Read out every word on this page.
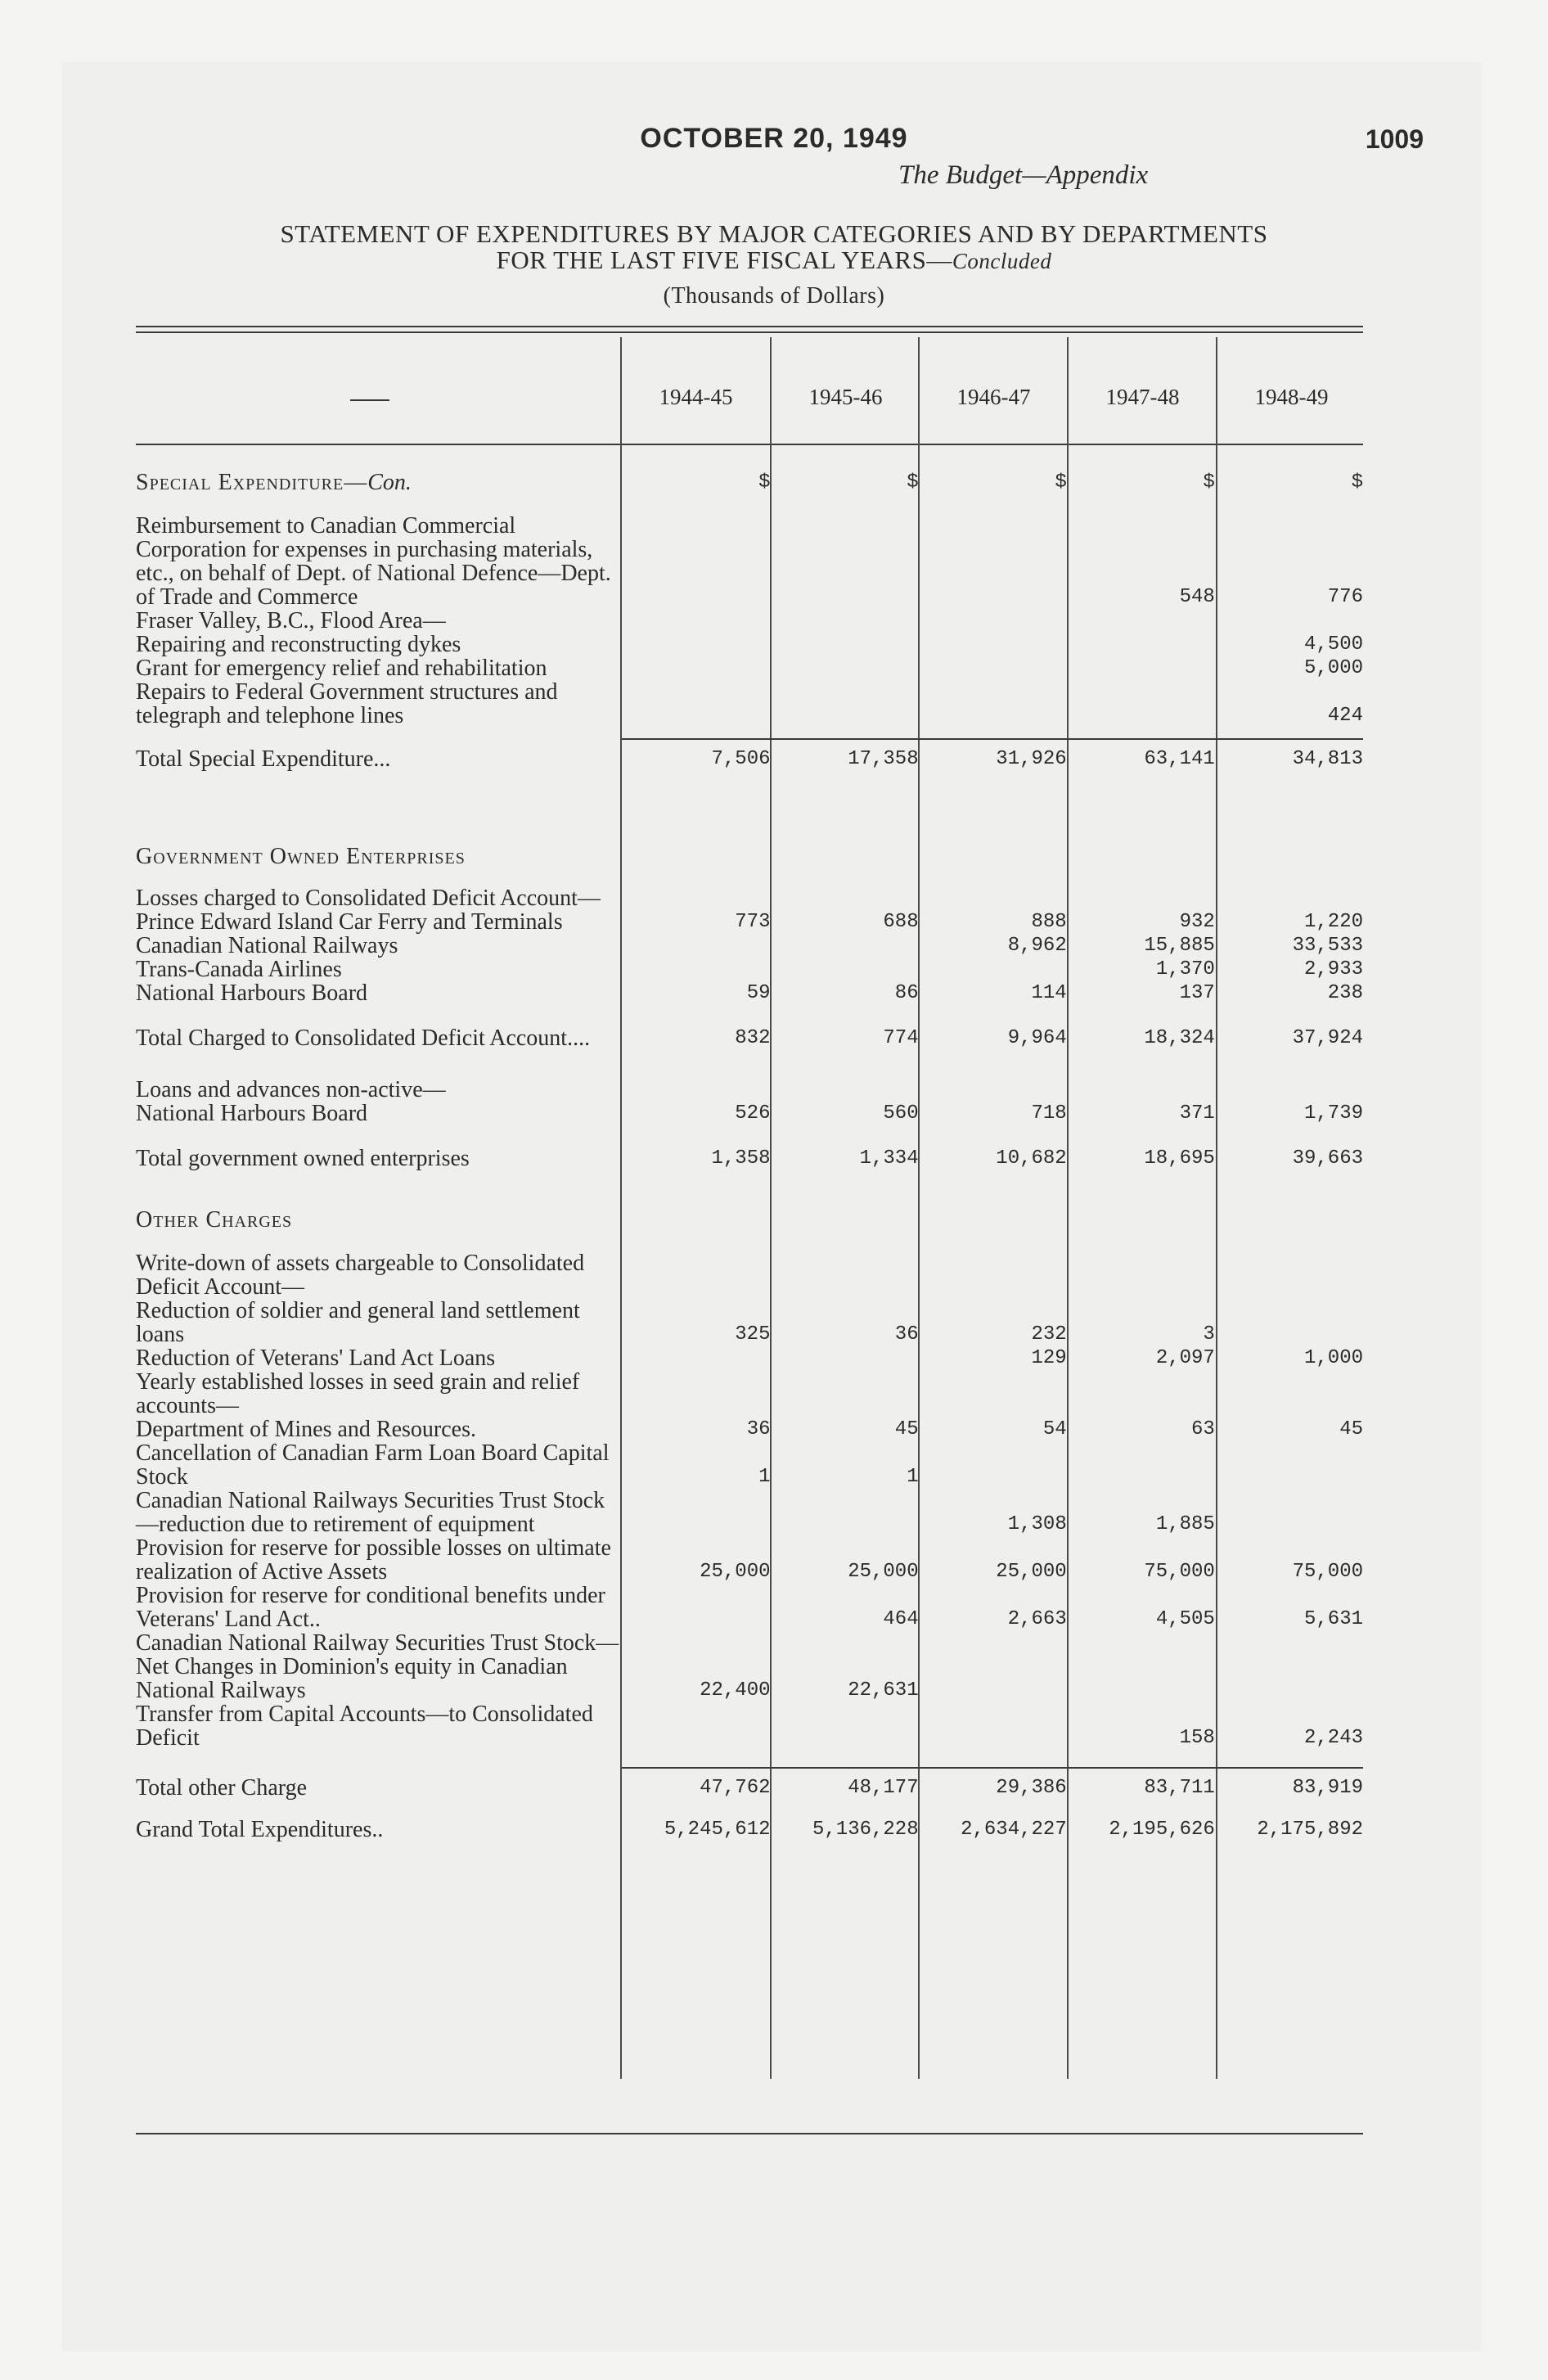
OCTOBER 20, 1949	1009
The Budget—Appendix
STATEMENT OF EXPENDITURES BY MAJOR CATEGORIES AND BY DEPARTMENTS
FOR THE LAST FIVE FISCAL YEARS—Concluded
(Thousands of Dollars)
1944-45	1945-46	1946-47	1947-48	1948-49
Special Expenditure—Con.	$	$	$	$	$

Reimbursement to Canadian Commercial Corporation for expenses in purchasing materials, etc., on behalf of Dept. of National Defence—Dept. of Trade and Commerce				548	776
Fraser Valley, B.C., Flood Area—					
Repairing and reconstructing dykes					4,500
Grant for emergency relief and rehabilitation					5,000
Repairs to Federal Government structures and telegraph and telephone lines					424

Total Special Expenditure...	7,506	17,358	31,926	63,141	34,813

Government Owned Enterprises					

Losses charged to Consolidated Deficit Account—					
Prince Edward Island Car Ferry and Terminals	773	688	888	932	1,220
Canadian National Railways			8,962	15,885	33,533
Trans-Canada Airlines				1,370	2,933
National Harbours Board	59	86	114	137	238

Total Charged to Consolidated Deficit Account....	832	774	9,964	18,324	37,924

Loans and advances non-active—					
National Harbours Board	526	560	718	371	1,739

Total government owned enterprises	1,358	1,334	10,682	18,695	39,663

Other Charges					

Write-down of assets chargeable to Consolidated Deficit Account—					
Reduction of soldier and general land settlement loans	325	36	232	3	
Reduction of Veterans' Land Act Loans			129	2,097	1,000
Yearly established losses in seed grain and relief accounts—					
Department of Mines and Resources.	36	45	54	63	45
Cancellation of Canadian Farm Loan Board Capital Stock	1	1			
Canadian National Railways Securities Trust Stock—reduction due to retirement of equipment			1,308	1,885	
Provision for reserve for possible losses on ultimate realization of Active Assets	25,000	25,000	25,000	75,000	75,000
Provision for reserve for conditional benefits under Veterans' Land Act..		464	2,663	4,505	5,631
Canadian National Railway Securities Trust Stock—					
Net Changes in Dominion's equity in Canadian National Railways	22,400	22,631			
Transfer from Capital Accounts—to Consolidated Deficit				158	2,243

Total other Charge	47,762	48,177	29,386	83,711	83,919

Grand Total Expenditures..	5,245,612	5,136,228	2,634,227	2,195,626	2,175,892
